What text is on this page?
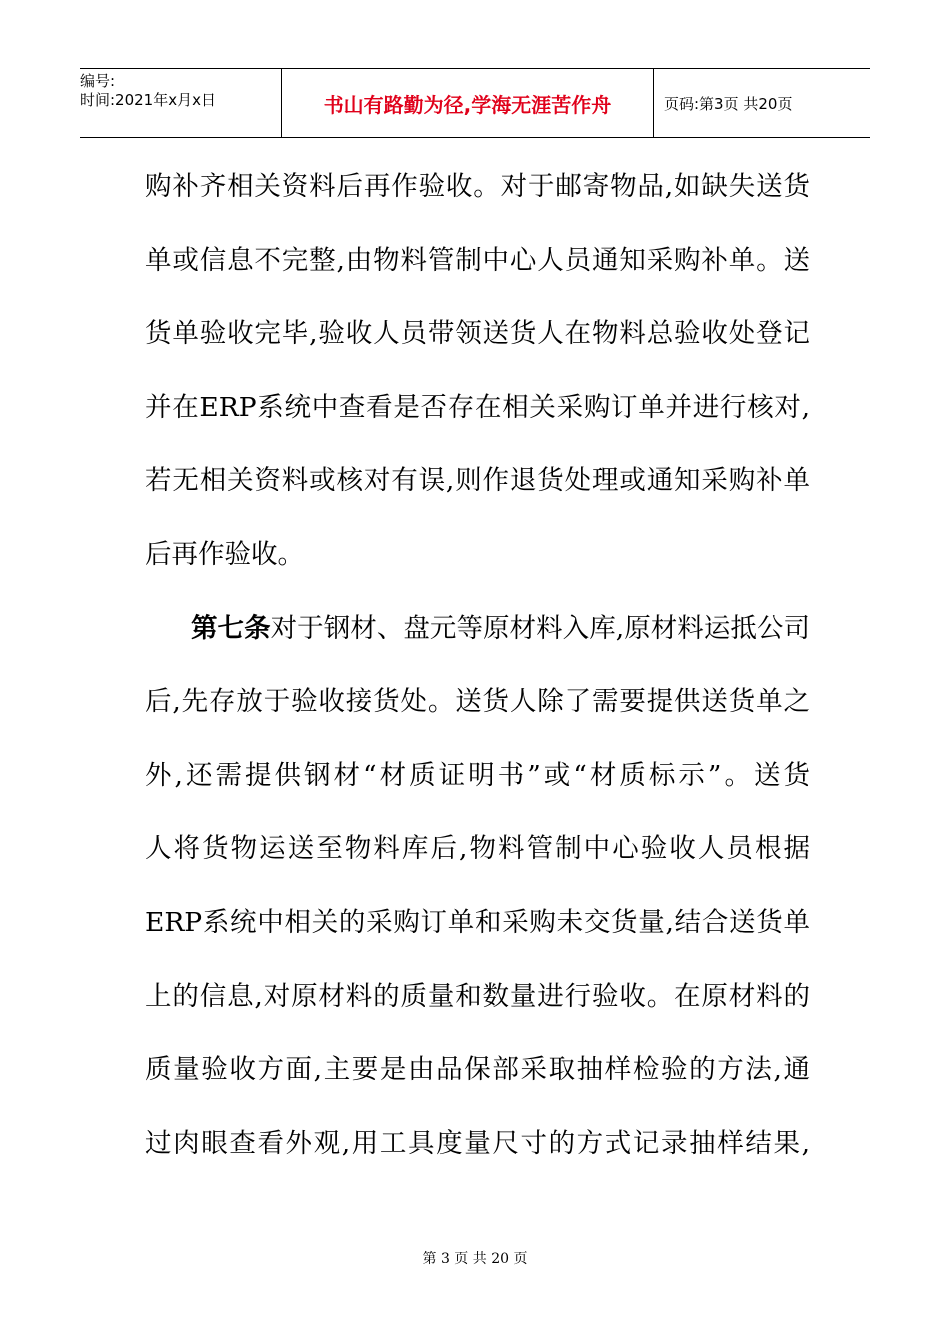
编号:
时间:2021年x月x日	书山有路勤为径,学海无涯苦作舟	页码:第3页 共20页
购补齐相关资料后再作验收。对于邮寄物品,如缺失送货
单或信息不完整,由物料管制中心人员通知采购补单。送
货单验收完毕,验收人员带领送货人在物料总验收处登记
并在ERP系统中查看是否存在相关采购订单并进行核对,
若无相关资料或核对有误,则作退货处理或通知采购补单
后再作验收。
第七条对于钢材、盘元等原材料入库,原材料运抵公司
后,先存放于验收接货处。送货人除了需要提供送货单之
外,还需提供钢材“材质证明书”或“材质标示”。送货
人将货物运送至物料库后,物料管制中心验收人员根据
ERP系统中相关的采购订单和采购未交货量,结合送货单
上的信息,对原材料的质量和数量进行验收。在原材料的
质量验收方面,主要是由品保部采取抽样检验的方法,通
过肉眼查看外观,用工具度量尺寸的方式记录抽样结果,
第 3 页 共 20 页
